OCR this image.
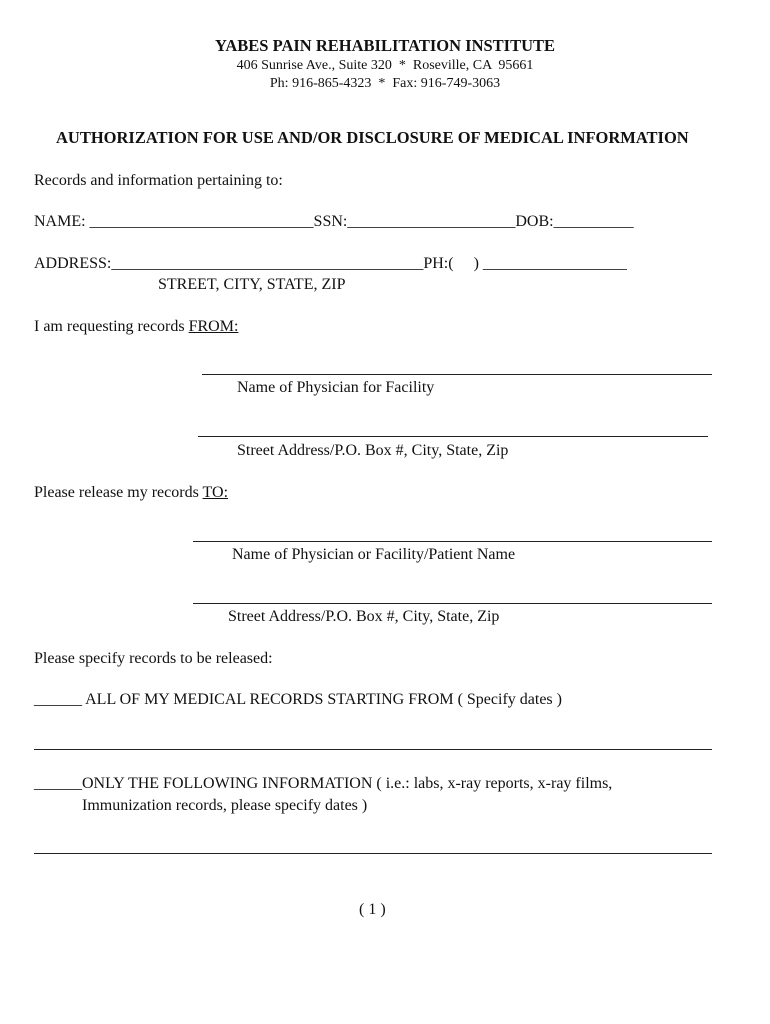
YABES PAIN REHABILITATION INSTITUTE
406 Sunrise Ave., Suite 320  *  Roseville, CA  95661
Ph: 916-865-4323  *  Fax: 916-749-3063
AUTHORIZATION FOR USE AND/OR DISCLOSURE OF MEDICAL INFORMATION
Records and information pertaining to:
NAME: ____________________________SSN:_____________________DOB:__________
ADDRESS:_______________________________________PH:(     ) __________________
STREET, CITY, STATE, ZIP
I am requesting records FROM:
Name of Physician for Facility
Street Address/P.O. Box #, City, State, Zip
Please release my records TO:
Name of Physician or Facility/Patient Name
Street Address/P.O. Box #, City, State, Zip
Please specify records to be released:
______ ALL OF MY MEDICAL RECORDS STARTING FROM ( Specify dates )
______ONLY THE FOLLOWING INFORMATION ( i.e.: labs, x-ray reports, x-ray films,
Immunization records, please specify dates )
( 1 )
